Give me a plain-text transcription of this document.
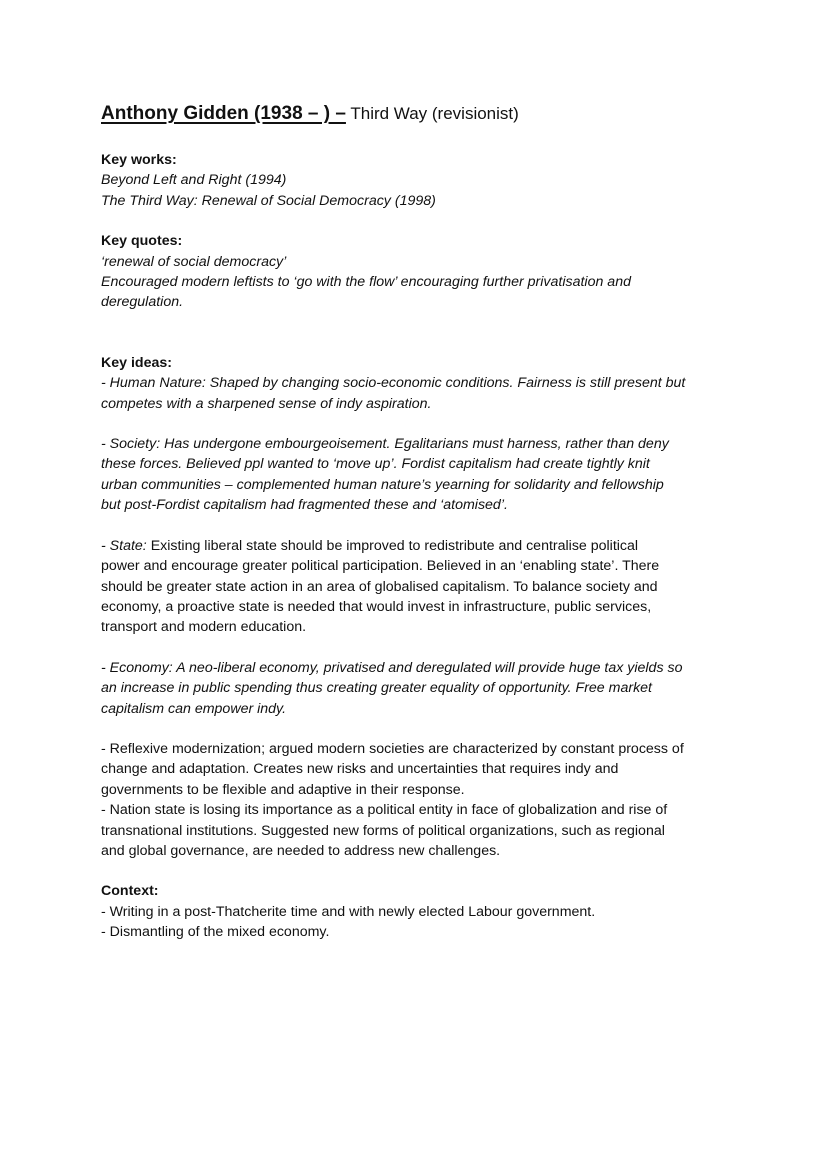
Anthony Gidden (1938 – ) – Third Way (revisionist)

Key works:

Beyond Left and Right (1994)

The Third Way: Renewal of Social Democracy (1998)

Key quotes:

‘renewal of social democracy’

Encouraged modern leftists to ‘go with the flow’ encouraging further privatisation and

deregulation.

Key ideas:

- Human Nature: Shaped by changing socio-economic conditions. Fairness is still present but

competes with a sharpened sense of indy aspiration.

- Society: Has undergone embourgeoisement. Egalitarians must harness, rather than deny

these forces. Believed ppl wanted to ‘move up’. Fordist capitalism had create tightly knit

urban communities – complemented human nature’s yearning for solidarity and fellowship

but post-Fordist capitalism had fragmented these and ‘atomised’.

- State: Existing liberal state should be improved to redistribute and centralise political

power and encourage greater political participation. Believed in an ‘enabling state’. There

should be greater state action in an area of globalised capitalism. To balance society and

economy, a proactive state is needed that would invest in infrastructure, public services,

transport and modern education.

- Economy: A neo-liberal economy, privatised and deregulated will provide huge tax yields so

an increase in public spending thus creating greater equality of opportunity. Free market

capitalism can empower indy.

- Reflexive modernization; argued modern societies are characterized by constant process of

change and adaptation. Creates new risks and uncertainties that requires indy and

governments to be flexible and adaptive in their response.

- Nation state is losing its importance as a political entity in face of globalization and rise of

transnational institutions. Suggested new forms of political organizations, such as regional

and global governance, are needed to address new challenges.

Context:

- Writing in a post-Thatcherite time and with newly elected Labour government.

- Dismantling of the mixed economy.
